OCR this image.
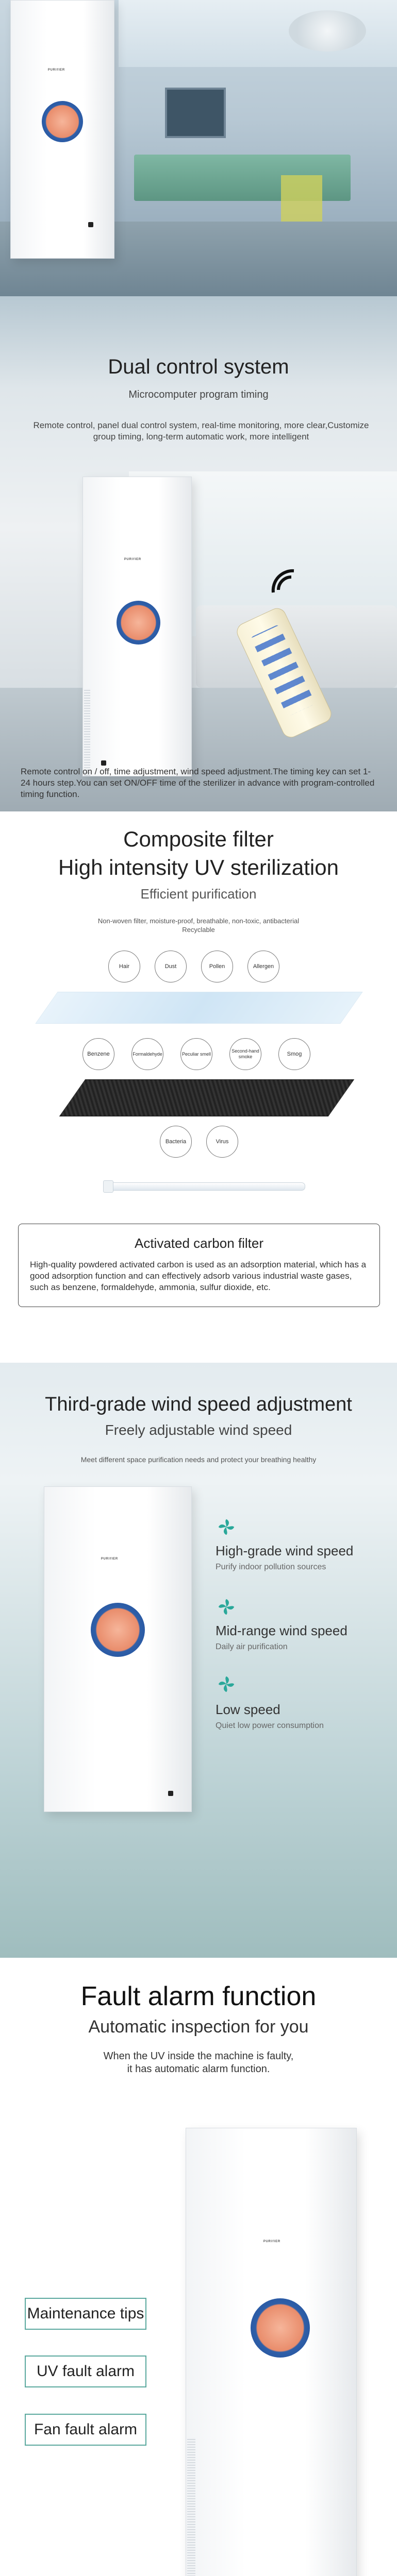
ᴾᵁᴿᴵᶠᴵᴱᴿ
Dual control system
Microcomputer program timing
Remote control, panel dual control system, real-time monitoring, more clear,Customize group timing, long-term automatic work, more intelligent
ᴾᵁᴿᴵᶠᴵᴱᴿ
Remote control on / off, time adjustment, wind speed adjustment.The timing key can set 1-24 hours step.You can set ON/OFF time of the sterilizer in advance with program-controlled timing function.
Composite filter
High intensity UV sterilization
Efficient purification
Non-woven filter, moisture-proof, breathable, non-toxic, antibacterial
Recyclable
Hair	Dust	Pollen	Allergen
Benzene	Formaldehyde	Peculiar smell
Second-hand smoke	Smog
Bacteria	Virus
Activated carbon filter
High-quality powdered activated carbon is used as an adsorption material, which has a good adsorption function and can effectively adsorb various industrial waste gases, such as benzene, formaldehyde, ammonia, sulfur dioxide, etc.
Third-grade wind speed adjustment
Freely adjustable wind speed
Meet different space purification needs and protect your breathing healthy
ᴾᵁᴿᴵᶠᴵᴱᴿ
High-grade wind speed
Purify indoor pollution sources
Mid-range wind speed
Daily air purification
Low speed
Quiet low power consumption
Fault alarm function
Automatic inspection for you
When the UV inside the machine is faulty,
it has automatic alarm function.
ᴾᵁᴿᴵᶠᴵᴱᴿ
Maintenance tips
UV fault alarm
Fan fault alarm
